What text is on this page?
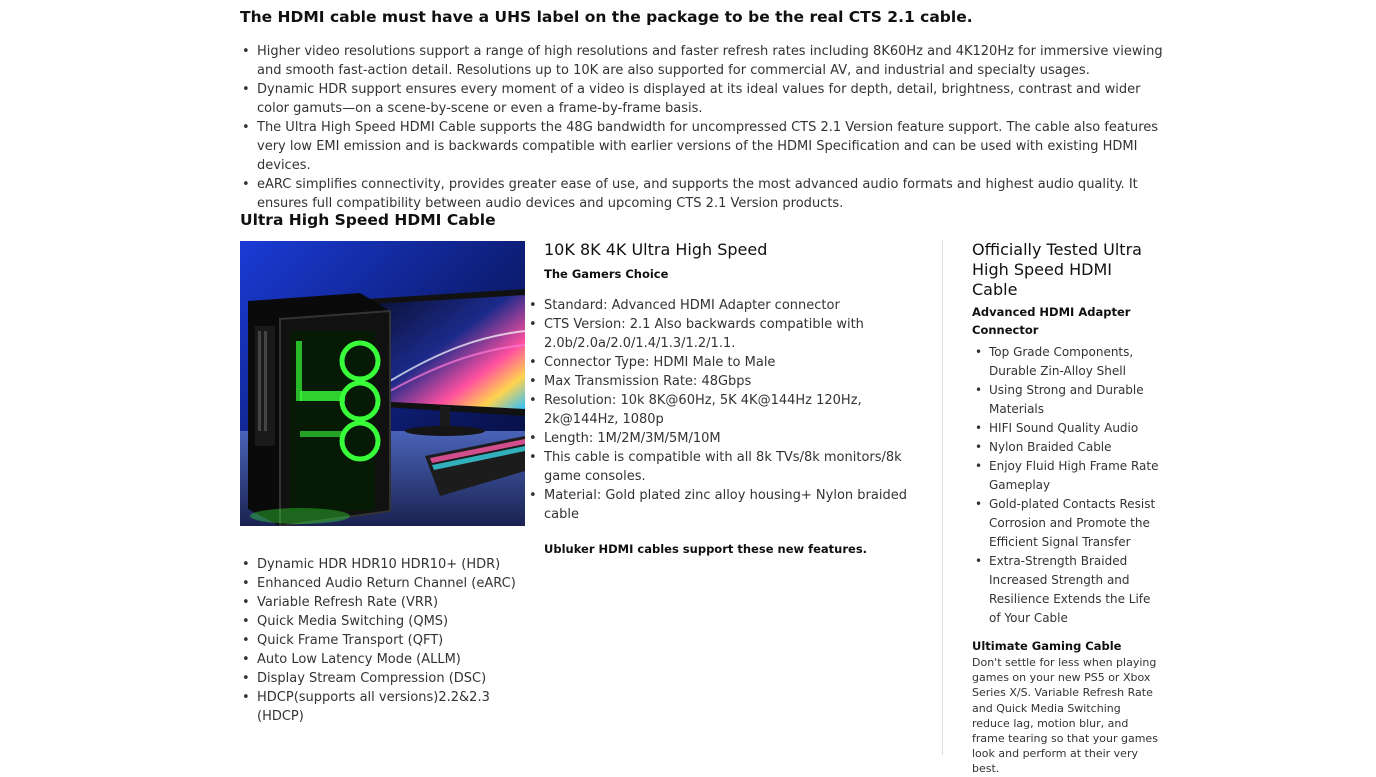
The HDMI cable must have a UHS label on the package to be the real CTS 2.1 cable.
• Higher video resolutions support a range of high resolutions and faster refresh rates including 8K60Hz and 4K120Hz for immersive viewing and smooth fast-action detail. Resolutions up to 10K are also supported for commercial AV, and industrial and specialty usages.
• Dynamic HDR support ensures every moment of a video is displayed at its ideal values for depth, detail, brightness, contrast and wider color gamuts—on a scene-by-scene or even a frame-by-frame basis.
• The Ultra High Speed HDMI Cable supports the 48G bandwidth for uncompressed CTS 2.1 Version feature support. The cable also features very low EMI emission and is backwards compatible with earlier versions of the HDMI Specification and can be used with existing HDMI devices.
• eARC simplifies connectivity, provides greater ease of use, and supports the most advanced audio formats and highest audio quality. It ensures full compatibility between audio devices and upcoming CTS 2.1 Version products.
Ultra High Speed HDMI Cable
10K 8K 4K Ultra High Speed
The Gamers Choice
• Standard: Advanced HDMI Adapter connector
• CTS Version: 2.1 Also backwards compatible with 2.0b/2.0a/2.0/1.4/1.3/1.2/1.1.
• Connector Type: HDMI Male to Male
• Max Transmission Rate: 48Gbps
• Resolution: 10k 8K@60Hz, 5K 4K@144Hz 120Hz, 2k@144Hz, 1080p
• Length: 1M/2M/3M/5M/10M
• This cable is compatible with all 8k TVs/8k monitors/8k game consoles.
• Material: Gold plated zinc alloy housing+ Nylon braided cable
Ubluker HDMI cables support these new features.
• Dynamic HDR HDR10 HDR10+ (HDR)
• Enhanced Audio Return Channel (eARC)
• Variable Refresh Rate (VRR)
• Quick Media Switching (QMS)
• Quick Frame Transport (QFT)
• Auto Low Latency Mode (ALLM)
• Display Stream Compression (DSC)
• HDCP(supports all versions)2.2&2.3 (HDCP)
Officially Tested Ultra High Speed HDMI Cable
Advanced HDMI Adapter Connector
• Top Grade Components, Durable Zin-Alloy Shell
• Using Strong and Durable Materials
• HIFI Sound Quality Audio
• Nylon Braided Cable
• Enjoy Fluid High Frame Rate Gameplay
• Gold-plated Contacts Resist Corrosion and Promote the Efficient Signal Transfer
• Extra-Strength Braided Increased Strength and Resilience Extends the Life of Your Cable
Ultimate Gaming Cable
Don't settle for less when playing games on your new PS5 or Xbox Series X/S. Variable Refresh Rate and Quick Media Switching reduce lag, motion blur, and frame tearing so that your games look and perform at their very best.
